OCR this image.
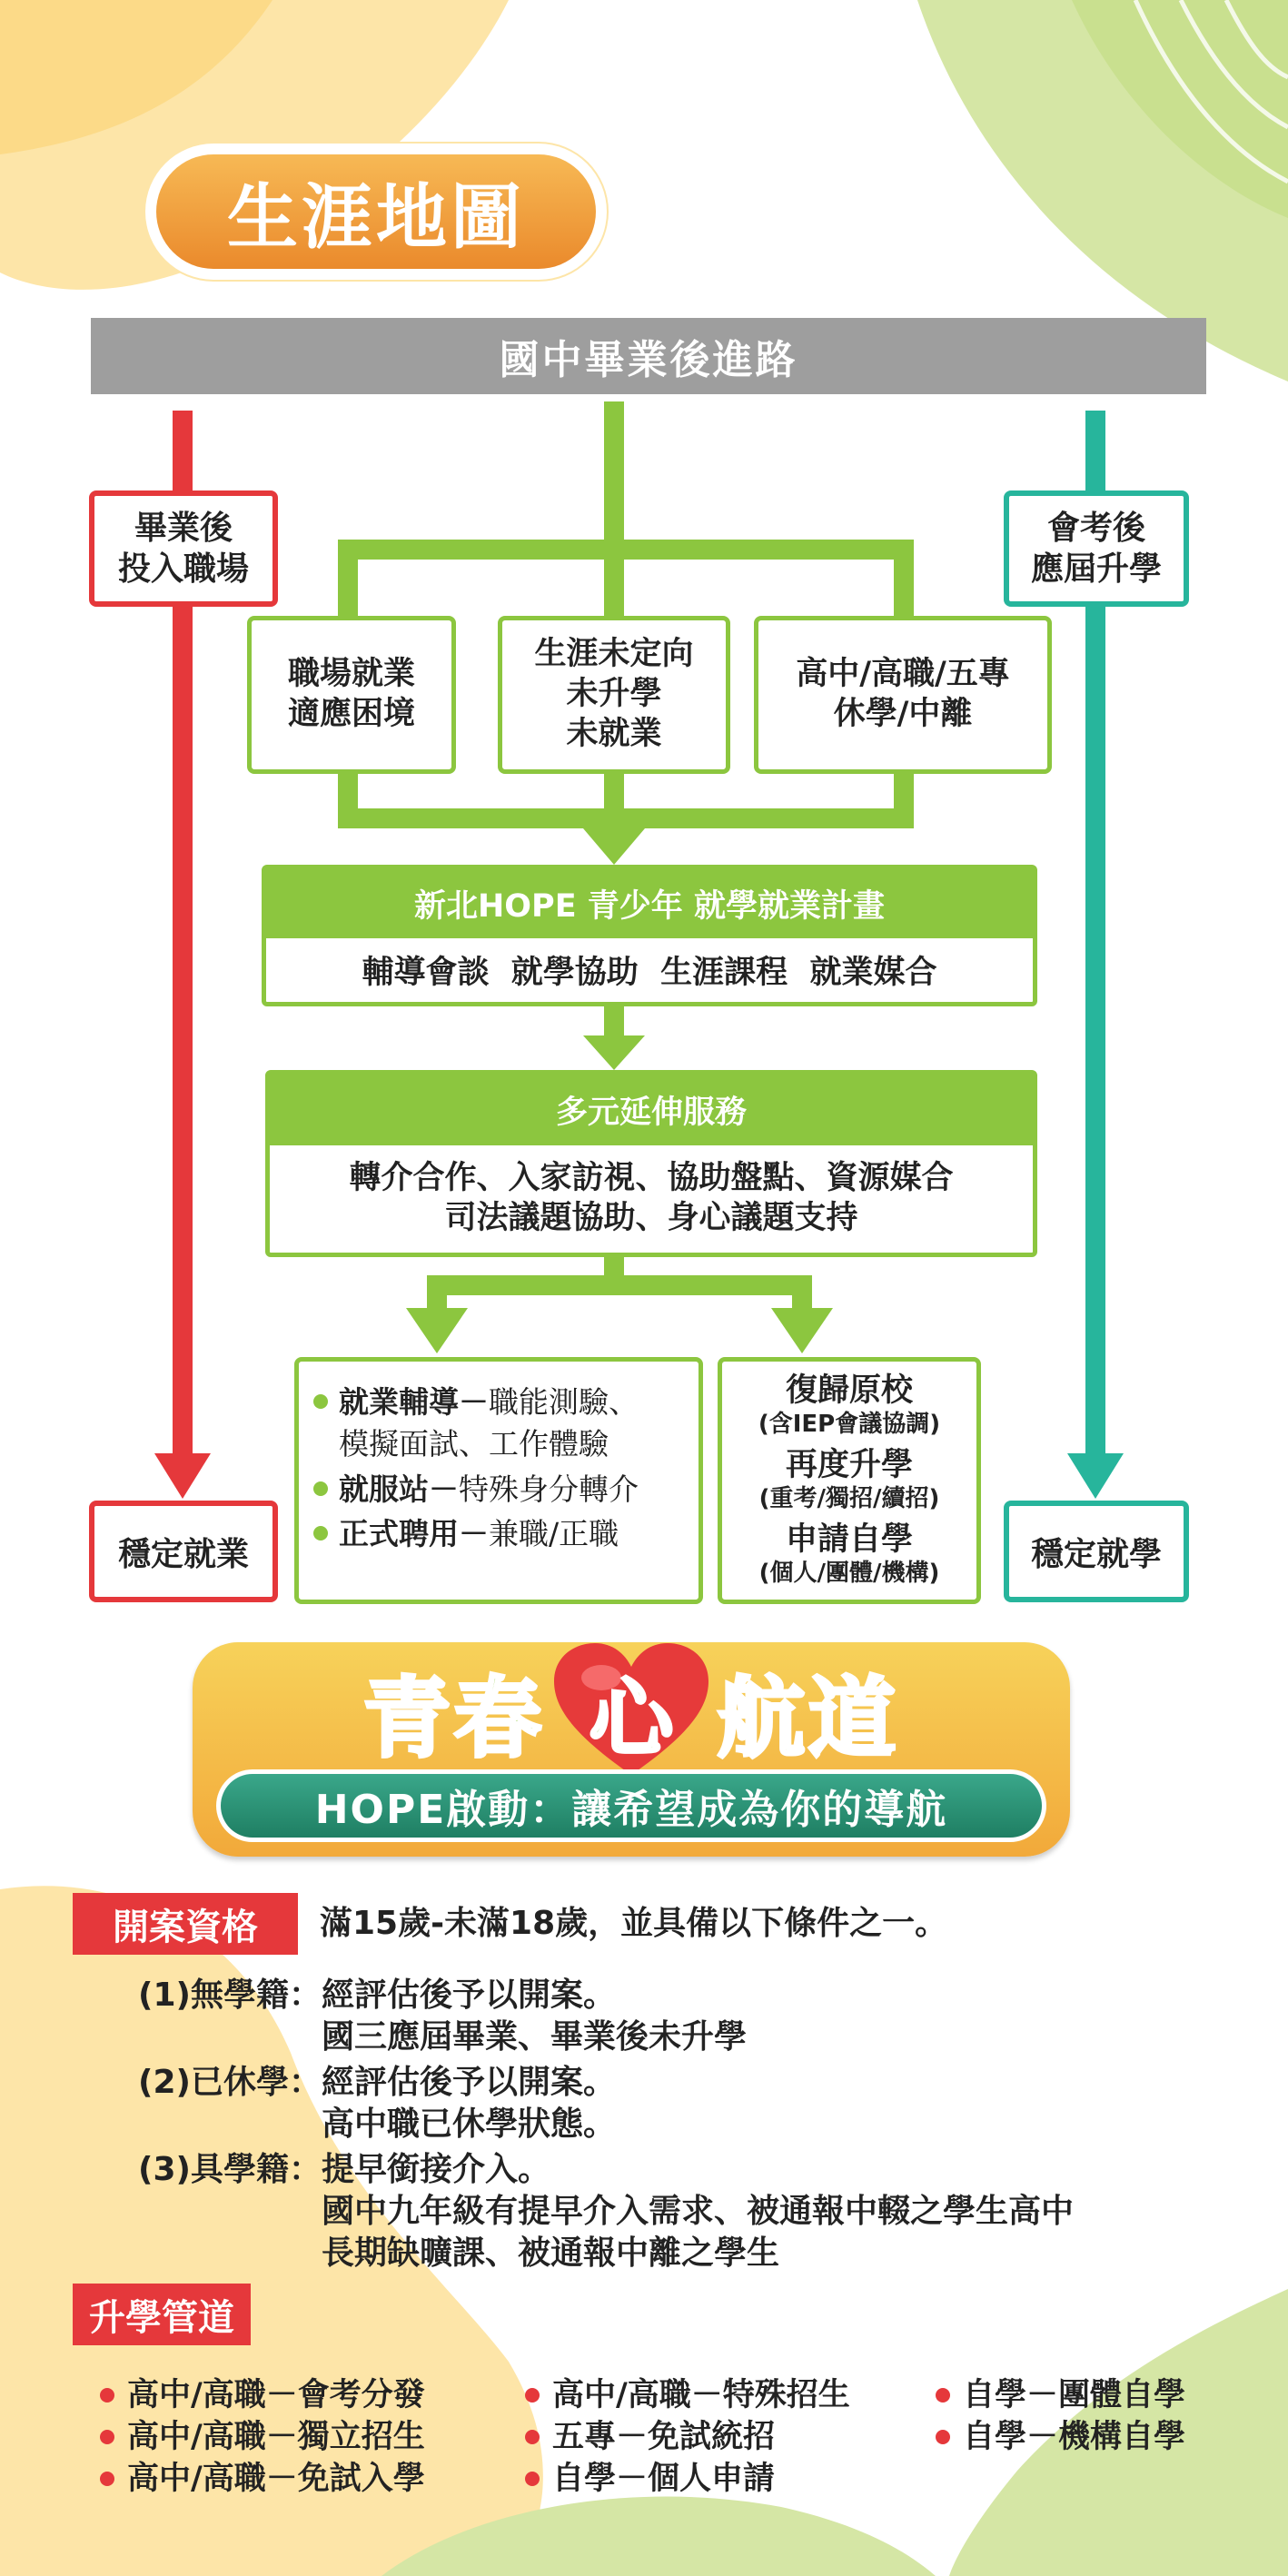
生涯地圖
國中畢業後進路
畢業後
投入職場
穩定就業
會考後
應屆升學
穩定就學
職場就業
適應困境
生涯未定向
未升學
未就業
高中/高職/五專
休學/中離
新北HOPE 青少年 就學就業計畫
輔導會談  就學協助  生涯課程  就業媒合
多元延伸服務
轉介合作、入家訪視、協助盤點、資源媒合
司法議題協助、身心議題支持
就業輔導－職能測驗、
模擬面試、工作體驗
就服站－特殊身分轉介
正式聘用－兼職/正職
復歸原校
(含IEP會議協調)
再度升學
(重考/獨招/續招)
申請自學
(個人/團體/機構)
青春 心 航道
HOPE啟動：讓希望成為你的導航
開案資格	滿15歲-未滿18歲，並具備以下條件之一。
(1)無學籍： 經評估後予以開案。
國三應屆畢業、畢業後未升學
(2)已休學： 經評估後予以開案。
高中職已休學狀態。
(3)具學籍： 提早銜接介入。
國中九年級有提早介入需求、被通報中輟之學生高中
長期缺曠課、被通報中離之學生
升學管道
高中/高職－會考分發
高中/高職－獨立招生
高中/高職－免試入學
高中/高職－特殊招生
五專－免試統招
自學－個人申請
自學－團體自學
自學－機構自學
